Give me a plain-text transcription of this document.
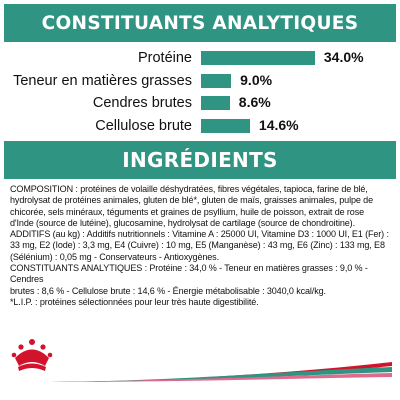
CONSTITUANTS ANALYTIQUES
Protéine	34.0%
Teneur en matières grasses	9.0%
Cendres brutes	8.6%
Cellulose brute	14.6%
INGRÉDIENTS

COMPOSITION : protéines de volaille déshydratées, fibres végétales, tapioca, farine de blé,

hydrolysat de protéines animales, gluten de blé*, gluten de maïs, graisses animales, pulpe de

chicorée, sels minéraux, téguments et graines de psyllium, huile de poisson, extrait de rose

d'Inde (source de lutéine), glucosamine, hydrolysat de cartilage (source de chondroitine).

ADDITIFS (au kg) : Additifs nutritionnels : Vitamine A : 25000 UI, Vitamine D3 : 1000 UI, E1 (Fer) :

33 mg, E2 (Iode) : 3,3 mg, E4 (Cuivre) : 10 mg, E5 (Manganèse) : 43 mg, E6 (Zinc) : 133 mg, E8

(Sélénium) : 0,05 mg - Conservateurs - Antioxygènes.

CONSTITUANTS ANALYTIQUES : Protéine : 34,0 % - Teneur en matières grasses : 9,0 % - Cendres

brutes : 8,6 % - Cellulose brute : 14,6 % - Énergie métabolisable : 3040,0 kcal/kg.

*L.I.P. : protéines sélectionnées pour leur très haute digestibilité.
